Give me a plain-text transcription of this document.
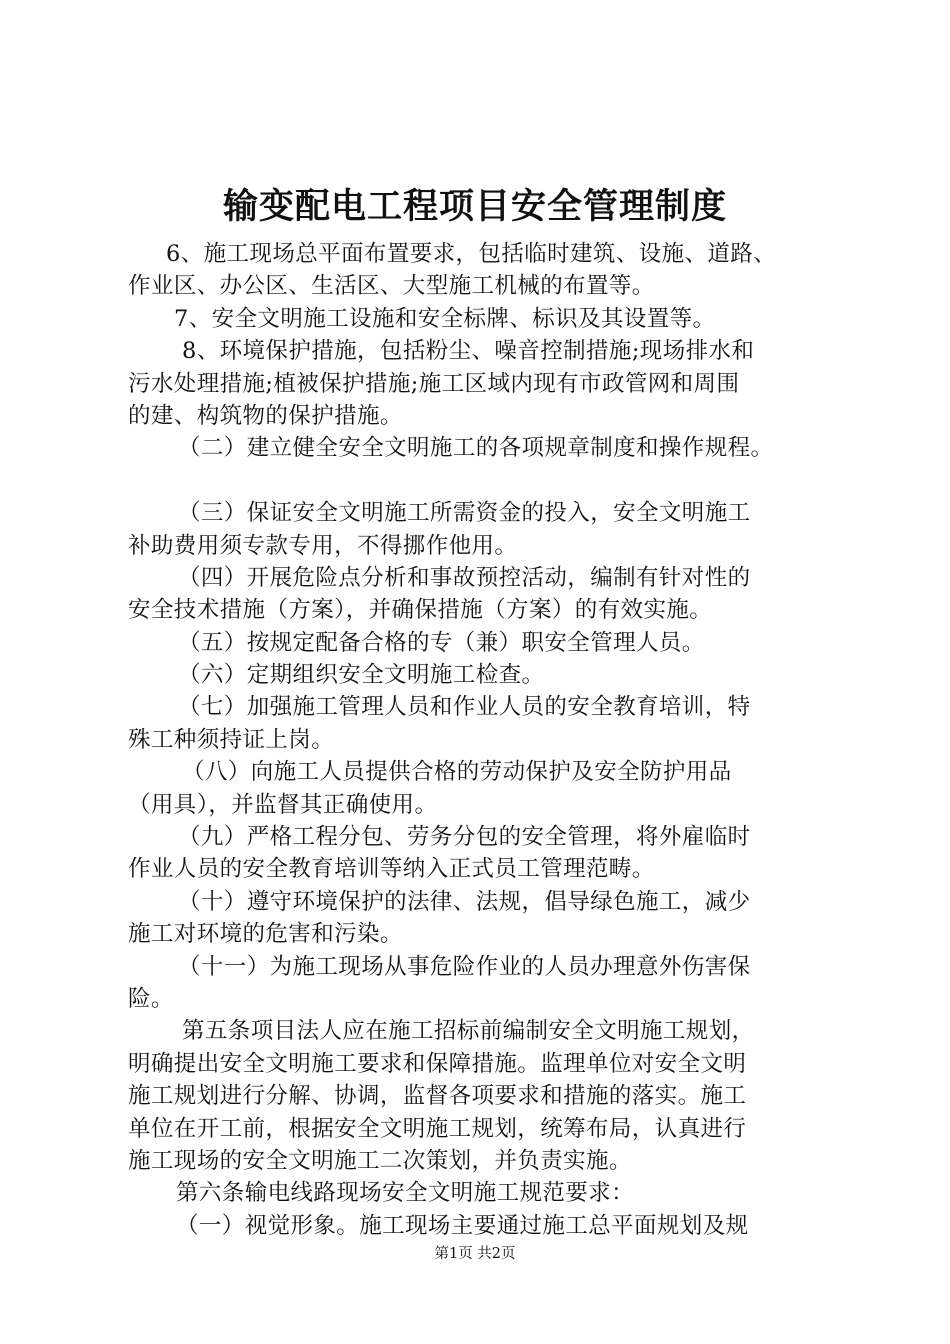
输变配电工程项目安全管理制度
6、施工现场总平面布置要求，包括临时建筑、设施、道路、
作业区、办公区、生活区、大型施工机械的布置等。
7、安全文明施工设施和安全标牌、标识及其设置等。
8、环境保护措施，包括粉尘、噪音控制措施;现场排水和
污水处理措施;植被保护措施;施工区域内现有市政管网和周围
的建、构筑物的保护措施。
（二）建立健全安全文明施工的各项规章制度和操作规程。
（三）保证安全文明施工所需资金的投入，安全文明施工
补助费用须专款专用，不得挪作他用。
（四）开展危险点分析和事故预控活动，编制有针对性的
安全技术措施（方案），并确保措施（方案）的有效实施。
（五）按规定配备合格的专（兼）职安全管理人员。
（六）定期组织安全文明施工检查。
（七）加强施工管理人员和作业人员的安全教育培训，特
殊工种须持证上岗。
（八）向施工人员提供合格的劳动保护及安全防护用品
（用具），并监督其正确使用。
（九）严格工程分包、劳务分包的安全管理，将外雇临时
作业人员的安全教育培训等纳入正式员工管理范畴。
（十）遵守环境保护的法律、法规，倡导绿色施工，减少
施工对环境的危害和污染。
（十一）为施工现场从事危险作业的人员办理意外伤害保
险。
第五条项目法人应在施工招标前编制安全文明施工规划，
明确提出安全文明施工要求和保障措施。监理单位对安全文明
施工规划进行分解、协调，监督各项要求和措施的落实。施工
单位在开工前，根据安全文明施工规划，统筹布局，认真进行
施工现场的安全文明施工二次策划，并负责实施。
第六条输电线路现场安全文明施工规范要求：
（一）视觉形象。施工现场主要通过施工总平面规划及规
第1页 共2页
